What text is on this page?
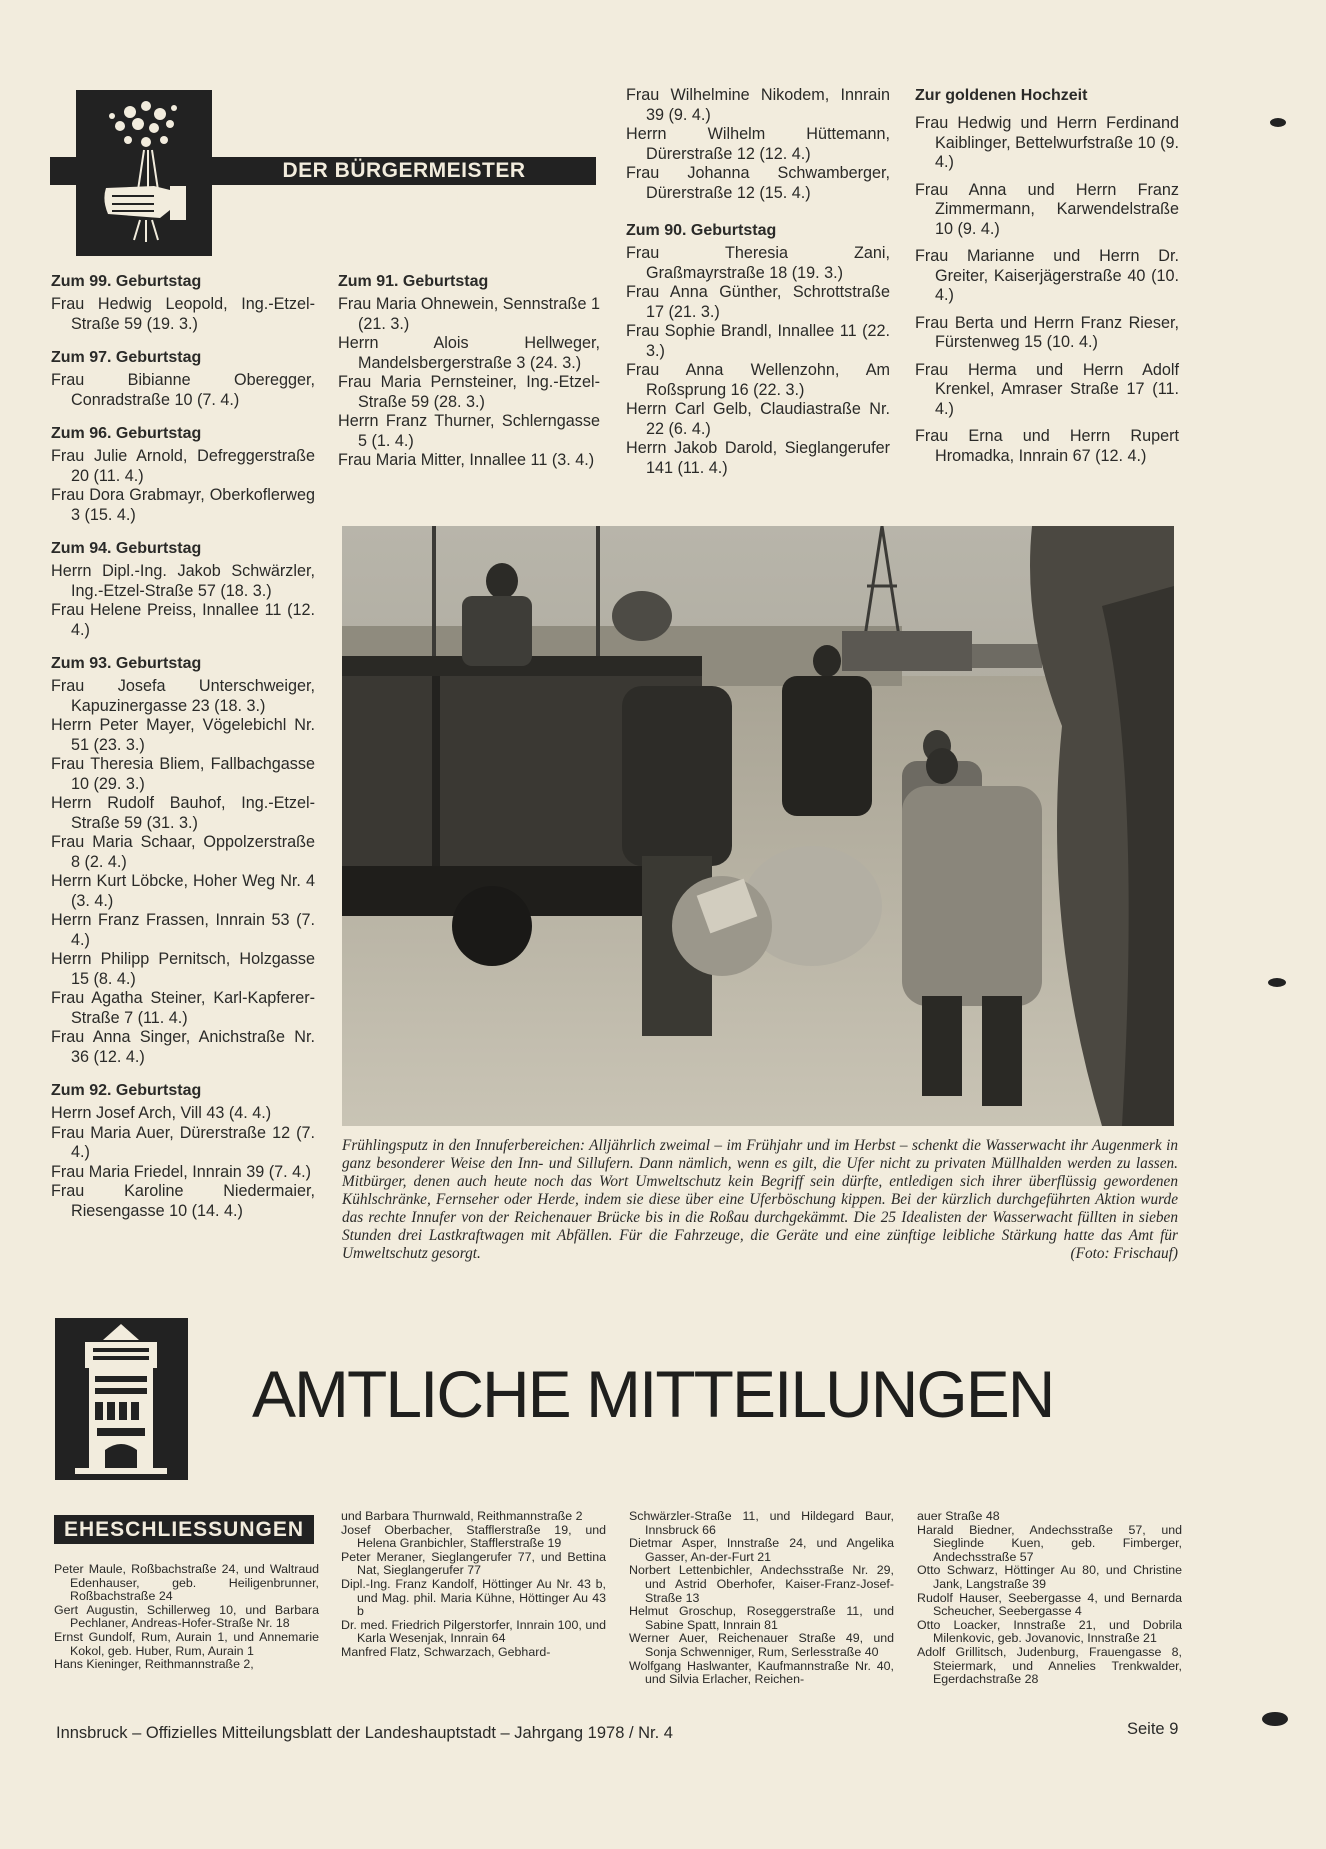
DER BÜRGERMEISTER GRATULIERTE
Zum 99. Geburtstag

Frau Hedwig Leopold, Ing.-Etzel-Straße 59 (19. 3.)

Zum 97. Geburtstag

Frau Bibianne Oberegger, Conradstraße 10 (7. 4.)

Zum 96. Geburtstag

Frau Julie Arnold, Defreggerstraße 20 (11. 4.)

Frau Dora Grabmayr, Oberkoflerweg 3 (15. 4.)

Zum 94. Geburtstag

Herrn Dipl.-Ing. Jakob Schwärzler, Ing.-Etzel-Straße 57 (18. 3.)

Frau Helene Preiss, Innallee 11 (12. 4.)

Zum 93. Geburtstag

Frau Josefa Unterschweiger, Kapuzinergasse 23 (18. 3.)

Herrn Peter Mayer, Vögelebichl Nr. 51 (23. 3.)

Frau Theresia Bliem, Fallbachgasse 10 (29. 3.)

Herrn Rudolf Bauhof, Ing.-Etzel-Straße 59 (31. 3.)

Frau Maria Schaar, Oppolzerstraße 8 (2. 4.)

Herrn Kurt Löbcke, Hoher Weg Nr. 4 (3. 4.)

Herrn Franz Frassen, Innrain 53 (7. 4.)

Herrn Philipp Pernitsch, Holzgasse 15 (8. 4.)

Frau Agatha Steiner, Karl-Kapferer-Straße 7 (11. 4.)

Frau Anna Singer, Anichstraße Nr. 36 (12. 4.)

Zum 92. Geburtstag

Herrn Josef Arch, Vill 43 (4. 4.)

Frau Maria Auer, Dürerstraße 12 (7. 4.)

Frau Maria Friedel, Innrain 39 (7. 4.)

Frau Karoline Niedermaier, Riesengasse 10 (14. 4.)

Zum 91. Geburtstag

Frau Maria Ohnewein, Sennstraße 1 (21. 3.)

Herrn Alois Hellweger, Mandelsbergerstraße 3 (24. 3.)

Frau Maria Pernsteiner, Ing.-Etzel-Straße 59 (28. 3.)

Herrn Franz Thurner, Schlerngasse 5 (1. 4.)

Frau Maria Mitter, Innallee 11 (3. 4.)

Frau Wilhelmine Nikodem, Innrain 39 (9. 4.)

Herrn Wilhelm Hüttemann, Dürerstraße 12 (12. 4.)

Frau Johanna Schwamberger, Dürerstraße 12 (15. 4.)

Zum 90. Geburtstag

Frau Theresia Zani, Graßmayrstraße 18 (19. 3.)

Frau Anna Günther, Schrottstraße 17 (21. 3.)

Frau Sophie Brandl, Innallee 11 (22. 3.)

Frau Anna Wellenzohn, Am Roßsprung 16 (22. 3.)

Herrn Carl Gelb, Claudiastraße Nr. 22 (6. 4.)

Herrn Jakob Darold, Sieglangerufer 141 (11. 4.)

Zur goldenen Hochzeit

Frau Hedwig und Herrn Ferdinand Kaiblinger, Bettelwurfstraße 10 (9. 4.)

Frau Anna und Herrn Franz Zimmermann, Karwendelstraße 10 (9. 4.)

Frau Marianne und Herrn Dr. Greiter, Kaiserjägerstraße 40 (10. 4.)

Frau Berta und Herrn Franz Rieser, Fürstenweg 15 (10. 4.)

Frau Herma und Herrn Adolf Krenkel, Amraser Straße 17 (11. 4.)

Frau Erna und Herrn Rupert Hromadka, Innrain 67 (12. 4.)

Frühlingsputz in den Innuferbereichen: Alljährlich zweimal – im Frühjahr und im Herbst – schenkt die Wasserwacht ihr Augenmerk in ganz besonderer Weise den Inn- und Sillufern. Dann nämlich, wenn es gilt, die Ufer nicht zu privaten Müllhalden werden zu lassen. Mitbürger, denen auch heute noch das Wort Umweltschutz kein Begriff sein dürfte, entledigen sich ihrer überflüssig gewordenen Kühlschränke, Fernseher oder Herde, indem sie diese über eine Uferböschung kippen. Bei der kürzlich durchgeführten Aktion wurde das rechte Innufer von der Reichenauer Brücke bis in die Roßau durchgekämmt. Die 25 Idealisten der Wasserwacht füllten in sieben Stunden drei Lastkraftwagen mit Abfällen. Für die Fahrzeuge, die Geräte und eine zünftige leibliche Stärkung hatte das Amt für Umweltschutz gesorgt.	(Foto: Frischauf)
AMTLICHE MITTEILUNGEN
EHESCHLIESSUNGEN

Peter Maule, Roßbachstraße 24, und Waltraud Edenhauser, geb. Heiligenbrunner, Roßbachstraße 24

Gert Augustin, Schillerweg 10, und Barbara Pechlaner, Andreas-Hofer-Straße Nr. 18

Ernst Gundolf, Rum, Aurain 1, und Annemarie Kokol, geb. Huber, Rum, Aurain 1

Hans Kieninger, Reithmannstraße 2,

und Barbara Thurnwald, Reithmannstraße 2

Josef Oberbacher, Stafflerstraße 19, und Helena Granbichler, Stafflerstraße 19

Peter Meraner, Sieglangerufer 77, und Bettina Nat, Sieglangerufer 77

Dipl.-Ing. Franz Kandolf, Höttinger Au Nr. 43 b, und Mag. phil. Maria Kühne, Höttinger Au 43 b

Dr. med. Friedrich Pilgerstorfer, Innrain 100, und Karla Wesenjak, Innrain 64

Manfred Flatz, Schwarzach, Gebhard-

Schwärzler-Straße 11, und Hildegard Baur, Innsbruck 66

Dietmar Asper, Innstraße 24, und Angelika Gasser, An-der-Furt 21

Norbert Lettenbichler, Andechsstraße Nr. 29, und Astrid Oberhofer, Kaiser-Franz-Josef-Straße 13

Helmut Groschup, Roseggerstraße 11, und Sabine Spatt, Innrain 81

Werner Auer, Reichenauer Straße 49, und Sonja Schwenniger, Rum, Serlesstraße 40

Wolfgang Haslwanter, Kaufmannstraße Nr. 40, und Silvia Erlacher, Reichen-

auer Straße 48

Harald Biedner, Andechsstraße 57, und Sieglinde Kuen, geb. Fimberger, Andechsstraße 57

Otto Schwarz, Höttinger Au 80, und Christine Jank, Langstraße 39

Rudolf Hauser, Seebergasse 4, und Bernarda Scheucher, Seebergasse 4

Otto Loacker, Innstraße 21, und Dobrila Milenkovic, geb. Jovanovic, Innstraße 21

Adolf Grillitsch, Judenburg, Frauengasse 8, Steiermark, und Annelies Trenkwalder, Egerdachstraße 28

Innsbruck – Offizielles Mitteilungsblatt der Landeshauptstadt – Jahrgang 1978 / Nr. 4	Seite 9
